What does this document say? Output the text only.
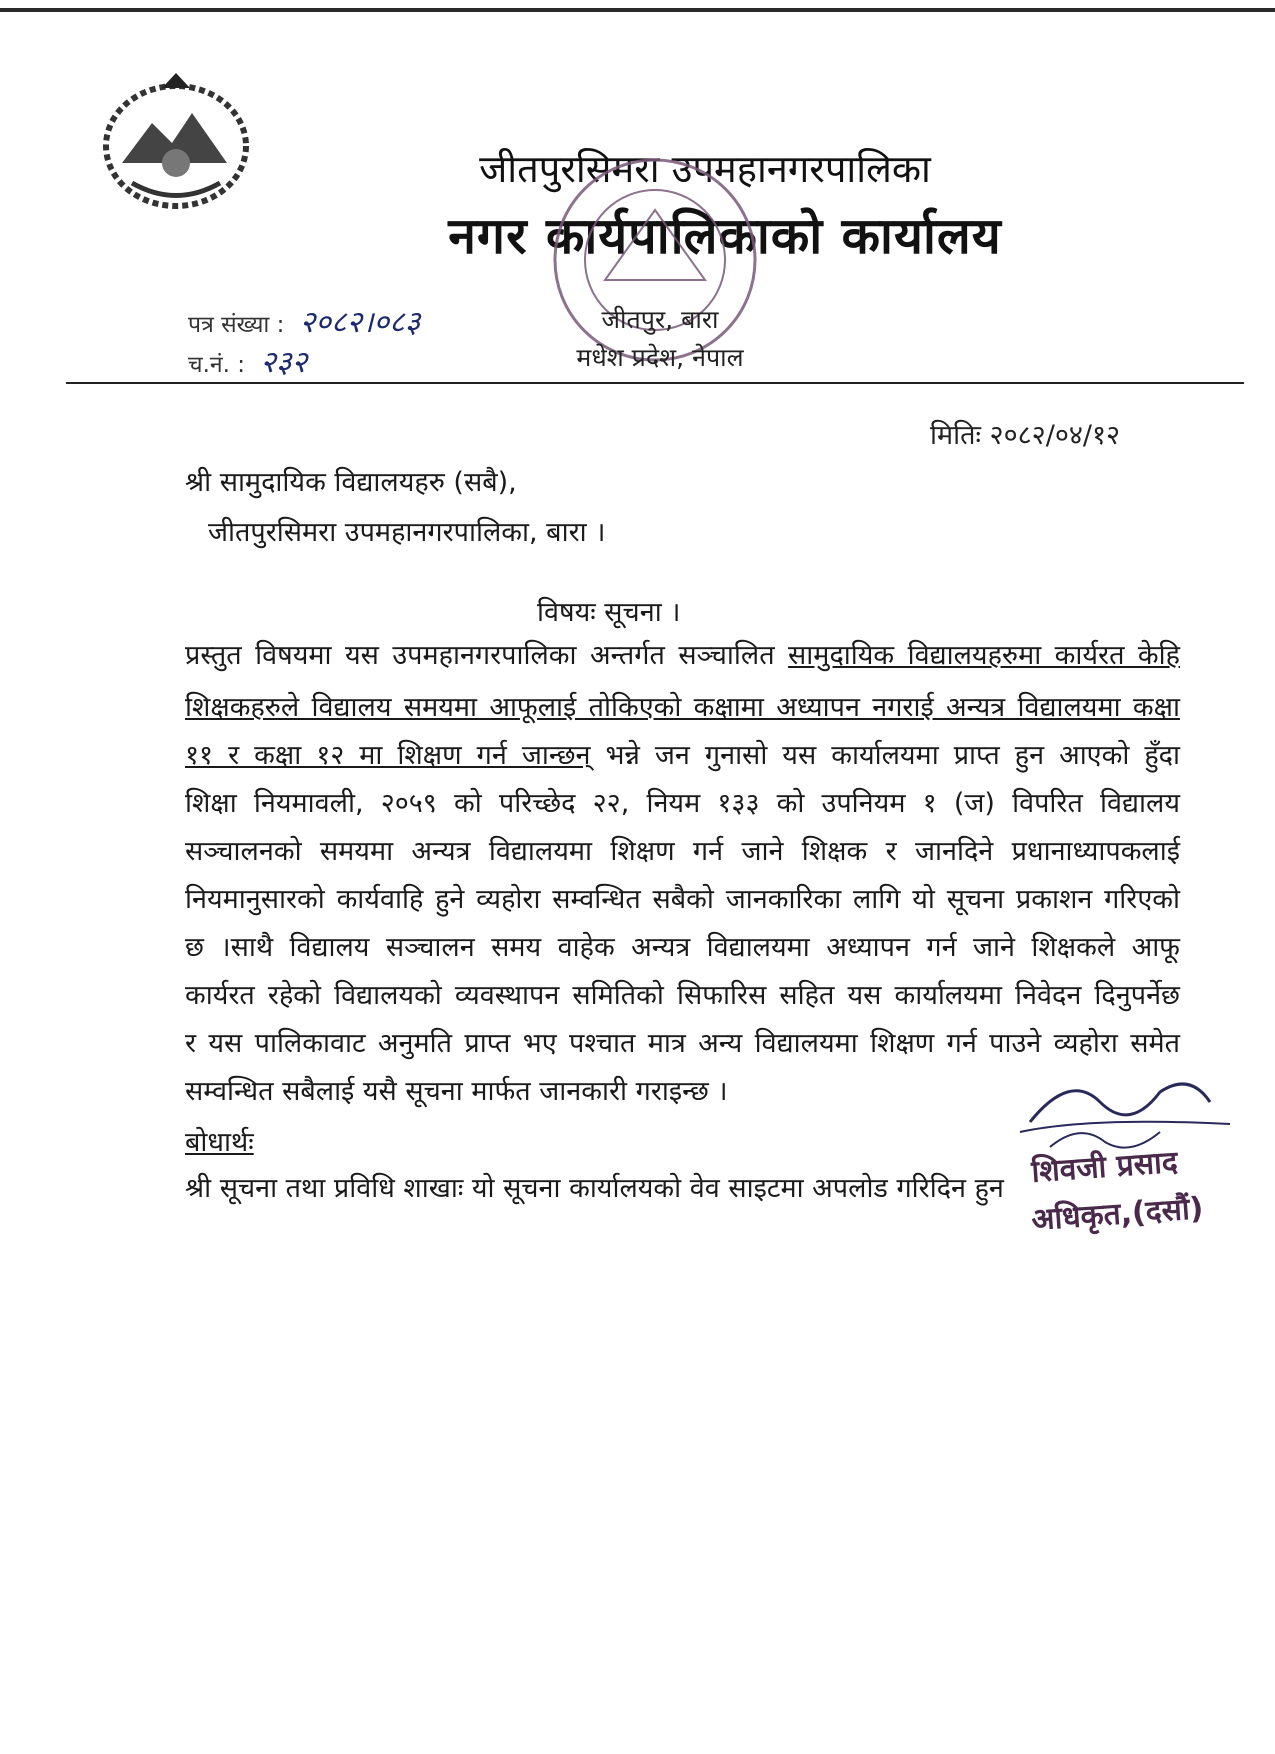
जीतपुरसिमरा उपमहानगरपालिका
नगर कार्यपालिकाको कार्यालय
पत्र संख्या : २०८२।०८३
च.नं. : २३२
जीतपुर, बारा
मधेश प्रदेश, नेपाल
मितिः २०८२/०४/१२
श्री सामुदायिक विद्यालयहरु (सबै),
जीतपुरसिमरा उपमहानगरपालिका, बारा ।
विषयः सूचना ।
प्रस्तुत विषयमा यस उपमहानगरपालिका अन्तर्गत सञ्चालित सामुदायिक विद्यालयहरुमा कार्यरत केहि
शिक्षकहरुले विद्यालय समयमा आफूलाई तोकिएको कक्षामा अध्यापन नगराई अन्यत्र विद्यालयमा कक्षा
११ र कक्षा १२ मा शिक्षण गर्न जान्छन् भन्ने जन गुनासो यस कार्यालयमा प्राप्त हुन आएको हुँदा
शिक्षा नियमावली, २०५९ को परिच्छेद २२, नियम १३३ को उपनियम १ (ज) विपरित विद्यालय
सञ्चालनको समयमा अन्यत्र विद्यालयमा शिक्षण गर्न जाने शिक्षक र जानदिने प्रधानाध्यापकलाई
नियमानुसारको कार्यवाहि हुने व्यहोरा सम्वन्धित सबैको जानकारिका लागि यो सूचना प्रकाशन गरिएको
छ ।साथै विद्यालय सञ्चालन समय वाहेक अन्यत्र विद्यालयमा अध्यापन गर्न जाने शिक्षकले आफू
कार्यरत रहेको विद्यालयको व्यवस्थापन समितिको सिफारिस सहित यस कार्यालयमा निवेदन दिनुपर्नेछ
र यस पालिकावाट अनुमति प्राप्त भए पश्चात मात्र अन्य विद्यालयमा शिक्षण गर्न पाउने व्यहोरा समेत
सम्वन्धित सबैलाई यसै सूचना मार्फत जानकारी गराइन्छ ।
बोधार्थः
श्री सूचना तथा प्रविधि शाखाः यो सूचना कार्यालयको वेव साइटमा अपलोड गरिदिन हुन शिवजी प्रसाद
अधिकृत,(दसौं)
